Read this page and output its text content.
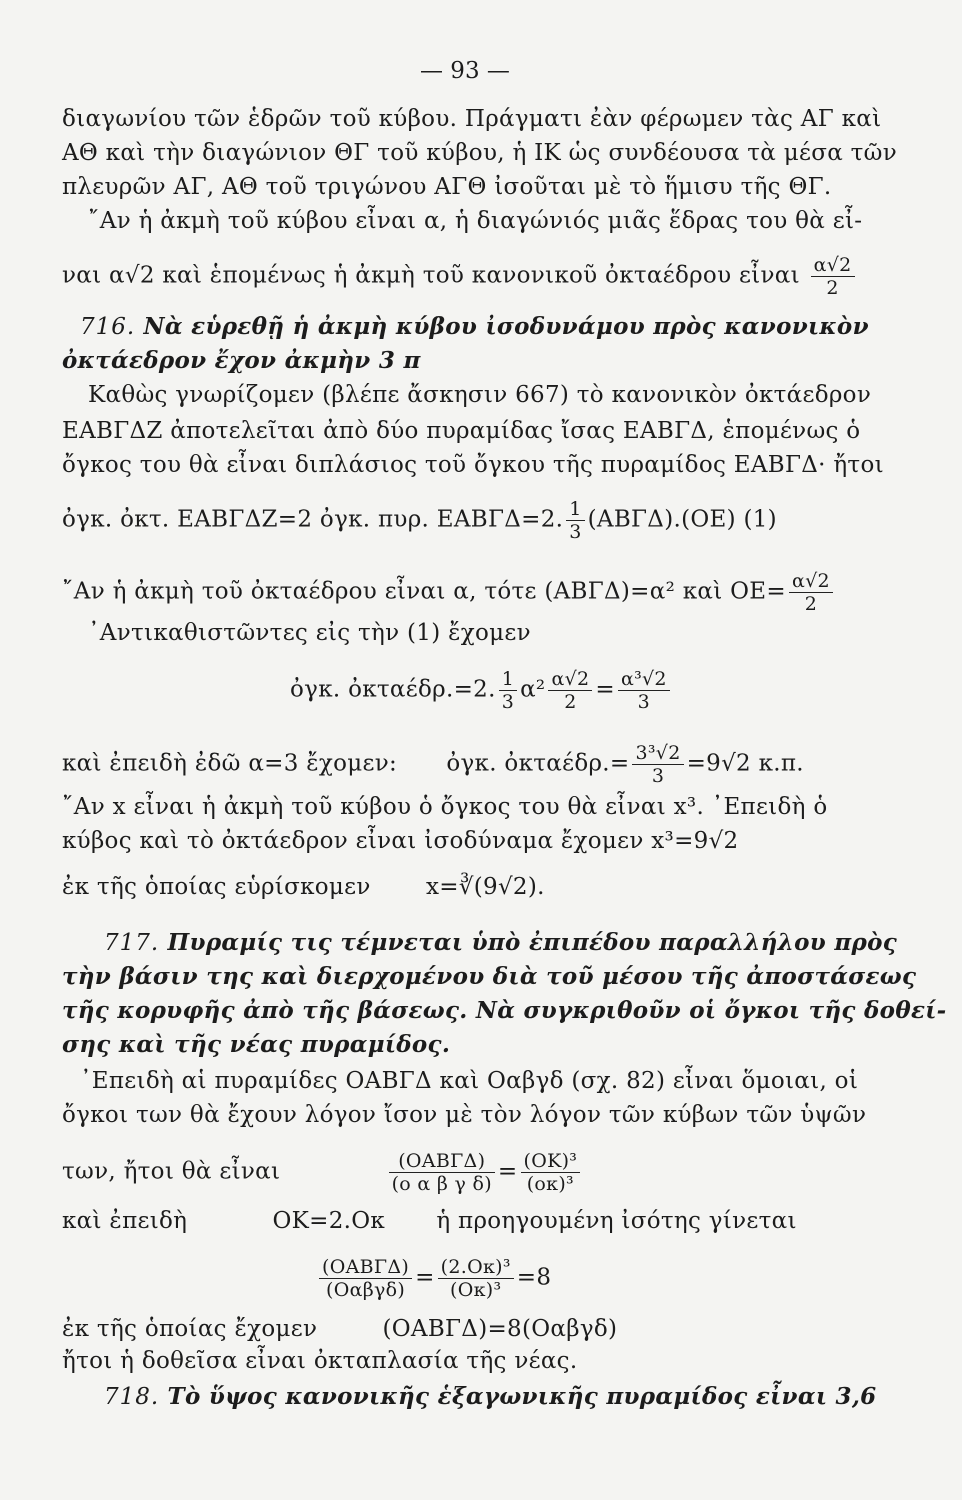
— 93 —
διαγωνίου τῶν ἑδρῶν τοῦ κύβου. Πράγματι ἐὰν φέρωμεν τὰς ΑΓ καὶ
ΑΘ καὶ τὴν διαγώνιον ΘΓ τοῦ κύβου, ἡ ΙΚ ὡς συνδέουσα τὰ μέσα τῶν
πλευρῶν ΑΓ, ΑΘ τοῦ τριγώνου ΑΓΘ ἰσοῦται μὲ τὸ ἥμισυ τῆς ΘΓ.
῎Αν ἡ ἀκμὴ τοῦ κύβου εἶναι α, ἡ διαγώνιός μιᾶς ἕδρας του θὰ εἶ-
ναι α√2 καὶ ἑπομένως ἡ ἀκμὴ τοῦ κανονικοῦ ὀκταέδρου εἶναι $\frac{\alpha√2}{2}$
716. Νὰ εὑρεθῇ ἡ ἀκμὴ κύβου ἰσοδυνάμου πρὸς κανονικὸν
ὀκτάεδρον ἔχον ἀκμὴν 3 π
Καθὼς γνωρίζομεν (βλέπε ἄσκησιν 667) τὸ κανονικὸν ὀκτάεδρον
ΕΑΒΓΔΖ ἀποτελεῖται ἀπὸ δύο πυραμίδας ἴσας ΕΑΒΓΔ, ἑπομένως ὁ
ὄγκος του θὰ εἶναι διπλάσιος τοῦ ὄγκου τῆς πυραμίδος ΕΑΒΓΔ· ἤτοι
ὀγκ. ὀκτ. ΕΑΒΓΔΖ=2 ὀγκ. πυρ. ΕΑΒΓΔ=2. $\frac{1}{3} (AB\Gamma\Delta).(OE)$ (1)
῎Αν ἡ ἀκμὴ τοῦ ὀκταέδρου εἶναι α, τότε (ΑΒΓΔ)=α² καὶ $OE= \frac{\alpha√2}{2}$
᾿Αντικαθιστῶντες εἰς τὴν (1) ἔχομεν
ὀγκ. ὀκταέδρ.=2. $\frac{1}{3} \alpha^2 \frac{\alpha√2}{2} = \frac{\text{α³√2}}{3}$
καὶ ἐπειδὴ ἐδῶ α=3 ἔχομεν: ὀγκ. ὀκταέδρ.= $\frac{\text{3³√2}}{3} =9√2$ κ.π.
῎Αν x εἶναι ἡ ἀκμὴ τοῦ κύβου ὁ ὄγκος του θὰ εἶναι x³. ᾿Επειδὴ ὁ
κύβος καὶ τὸ ὀκτάεδρον εἶναι ἰσοδύναμα ἔχομεν x³=9√2
ἐκ τῆς ὁποίας εὑρίσκομεν x=∛(9√2).
717. Πυραμίς τις τέμνεται ὑπὸ ἐπιπέδου παραλλήλου πρὸς
τὴν βάσιν της καὶ διερχομένου διὰ τοῦ μέσου τῆς ἀποστάσεως
τῆς κορυφῆς ἀπὸ τῆς βάσεως. Νὰ συγκριθοῦν οἱ ὄγκοι τῆς δοθεί-
σης καὶ τῆς νέας πυραμίδος.
᾿Επειδὴ αἱ πυραμίδες ΟΑΒΓΔ καὶ Οαβγδ (σχ. 82) εἶναι ὅμοιαι, οἱ
ὄγκοι των θὰ ἔχουν λόγον ἴσον μὲ τὸν λόγον τῶν κύβων τῶν ὑψῶν
των, ἤτοι θὰ εἶναι	$\frac{\text{(ΟΑΒΓΔ)}}{\text{(ο α β γ δ)}} = \frac{\text{(ΟΚ)³}}{\text{(οκ)³}}$
καὶ ἐπειδὴ	ΟΚ=2.Οκ ἡ προηγουμένη ἰσότης γίνεται
$\frac{\text{(ΟΑΒΓΔ)}}{\text{(Οαβγδ)}} = \frac{\text{(2.Οκ)³}}{\text{(Οκ)³}} =8$
ἐκ τῆς ὁποίας ἔχομεν	(ΟΑΒΓΔ)=8(Οαβγδ)
ἤτοι ἡ δοθεῖσα εἶναι ὀκταπλασία τῆς νέας.
718. Τὸ ὕψος κανονικῆς ἑξαγωνικῆς πυραμίδος εἶναι 3,6
